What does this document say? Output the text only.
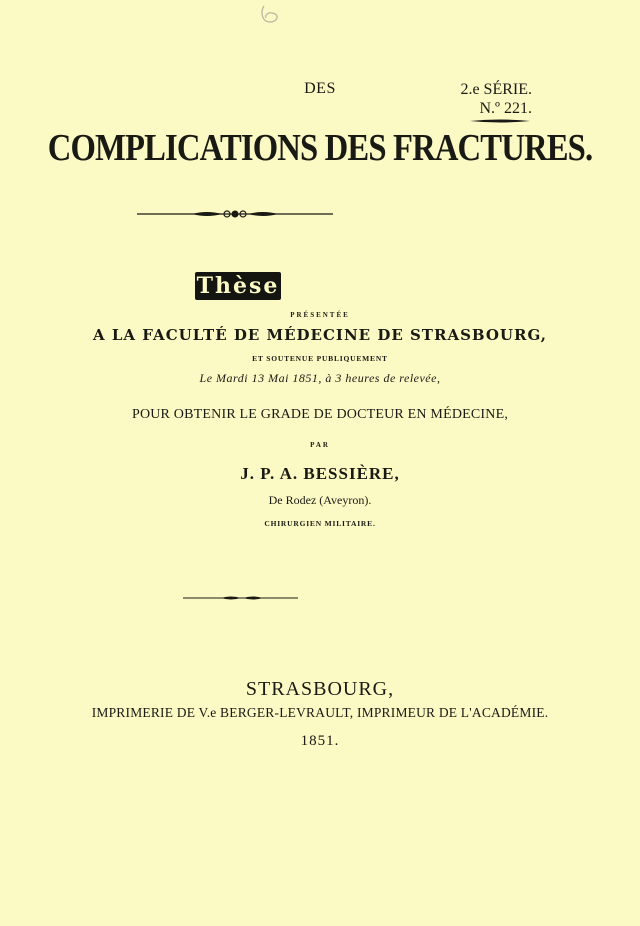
2.e SÉRIE.
N.º 221.
DES
COMPLICATIONS DES FRACTURES.
Thèse
PRÉSENTÉE
A LA FACULTÉ DE MÉDECINE DE STRASBOURG,
ET SOUTENUE PUBLIQUEMENT
Le Mardi 13 Mai 1851, à 3 heures de relevée,
POUR OBTENIR LE GRADE DE DOCTEUR EN MÉDECINE,
PAR
J. P. A. BESSIÈRE,
De Rodez (Aveyron).
CHIRURGIEN MILITAIRE.
STRASBOURG,
IMPRIMERIE DE V.e BERGER-LEVRAULT, IMPRIMEUR DE L'ACADÉMIE.
1851.
